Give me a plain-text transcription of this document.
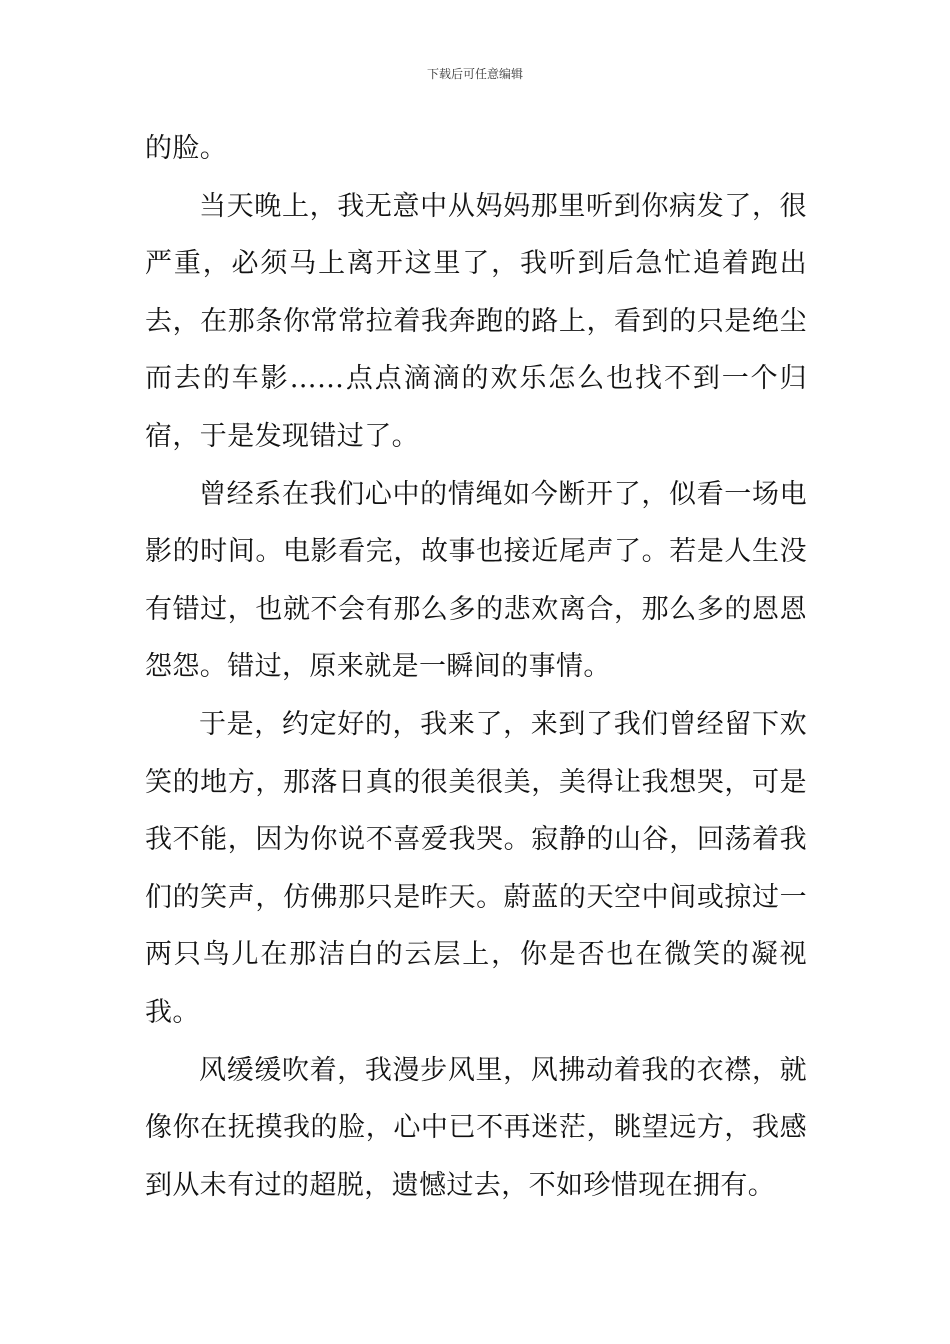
下载后可任意编辑

的脸。

当天晚上，我无意中从妈妈那里听到你病发了，很严重，必须马上离开这里了，我听到后急忙追着跑出去，在那条你常常拉着我奔跑的路上，看到的只是绝尘而去的车影……点点滴滴的欢乐怎么也找不到一个归宿，于是发现错过了。

曾经系在我们心中的情绳如今断开了，似看一场电影的时间。电影看完，故事也接近尾声了。若是人生没有错过，也就不会有那么多的悲欢离合，那么多的恩恩怨怨。错过，原来就是一瞬间的事情。

于是，约定好的，我来了，来到了我们曾经留下欢笑的地方，那落日真的很美很美，美得让我想哭，可是我不能，因为你说不喜爱我哭。寂静的山谷，回荡着我们的笑声，仿佛那只是昨天。蔚蓝的天空中间或掠过一两只鸟儿在那洁白的云层上，你是否也在微笑的凝视我。

风缓缓吹着，我漫步风里，风拂动着我的衣襟，就像你在抚摸我的脸，心中已不再迷茫，眺望远方，我感到从未有过的超脱，遗憾过去，不如珍惜现在拥有。
